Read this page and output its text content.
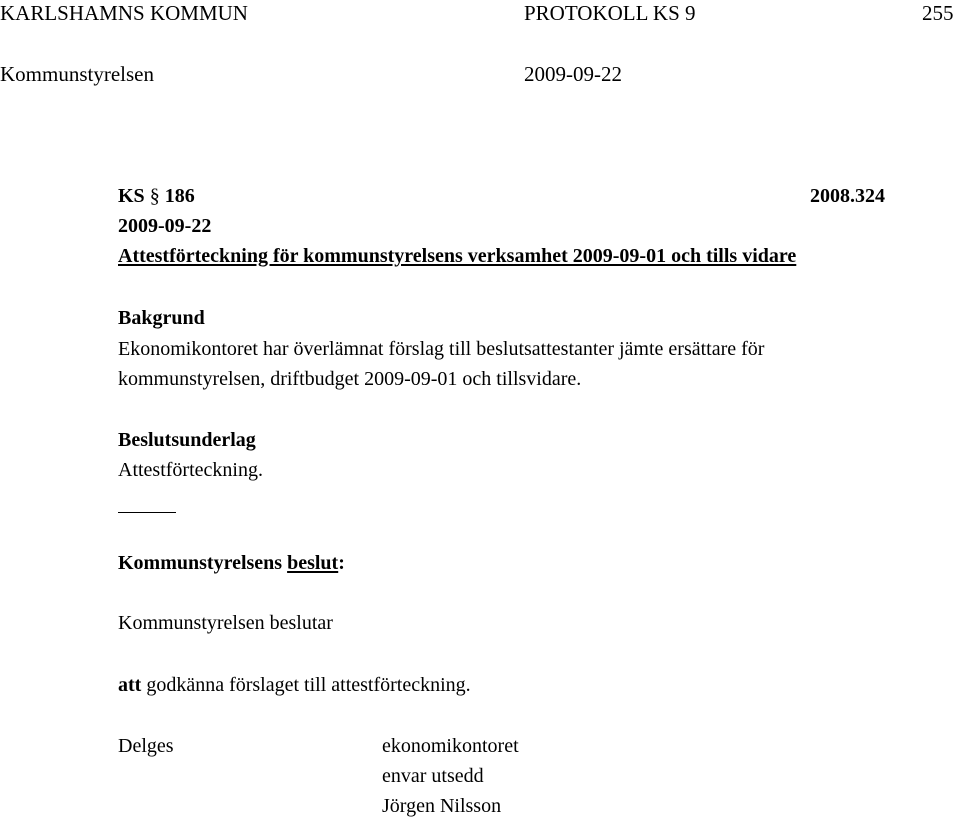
KARLSHAMNS KOMMUN	PROTOKOLL KS 9	255
Kommunstyrelsen	2009-09-22
KS § 186	2008.324
2009-09-22
Attestförteckning för kommunstyrelsens verksamhet 2009-09-01 och tills vidare
Bakgrund
Ekonomikontoret har överlämnat förslag till beslutsattestanter jämte ersättare för
kommunstyrelsen, driftbudget 2009-09-01 och tillsvidare.
Beslutsunderlag
Attestförteckning.
Kommunstyrelsens beslut:
Kommunstyrelsen beslutar
att godkänna förslaget till attestförteckning.
Delges	ekonomikontoret
envar utsedd
Jörgen Nilsson
